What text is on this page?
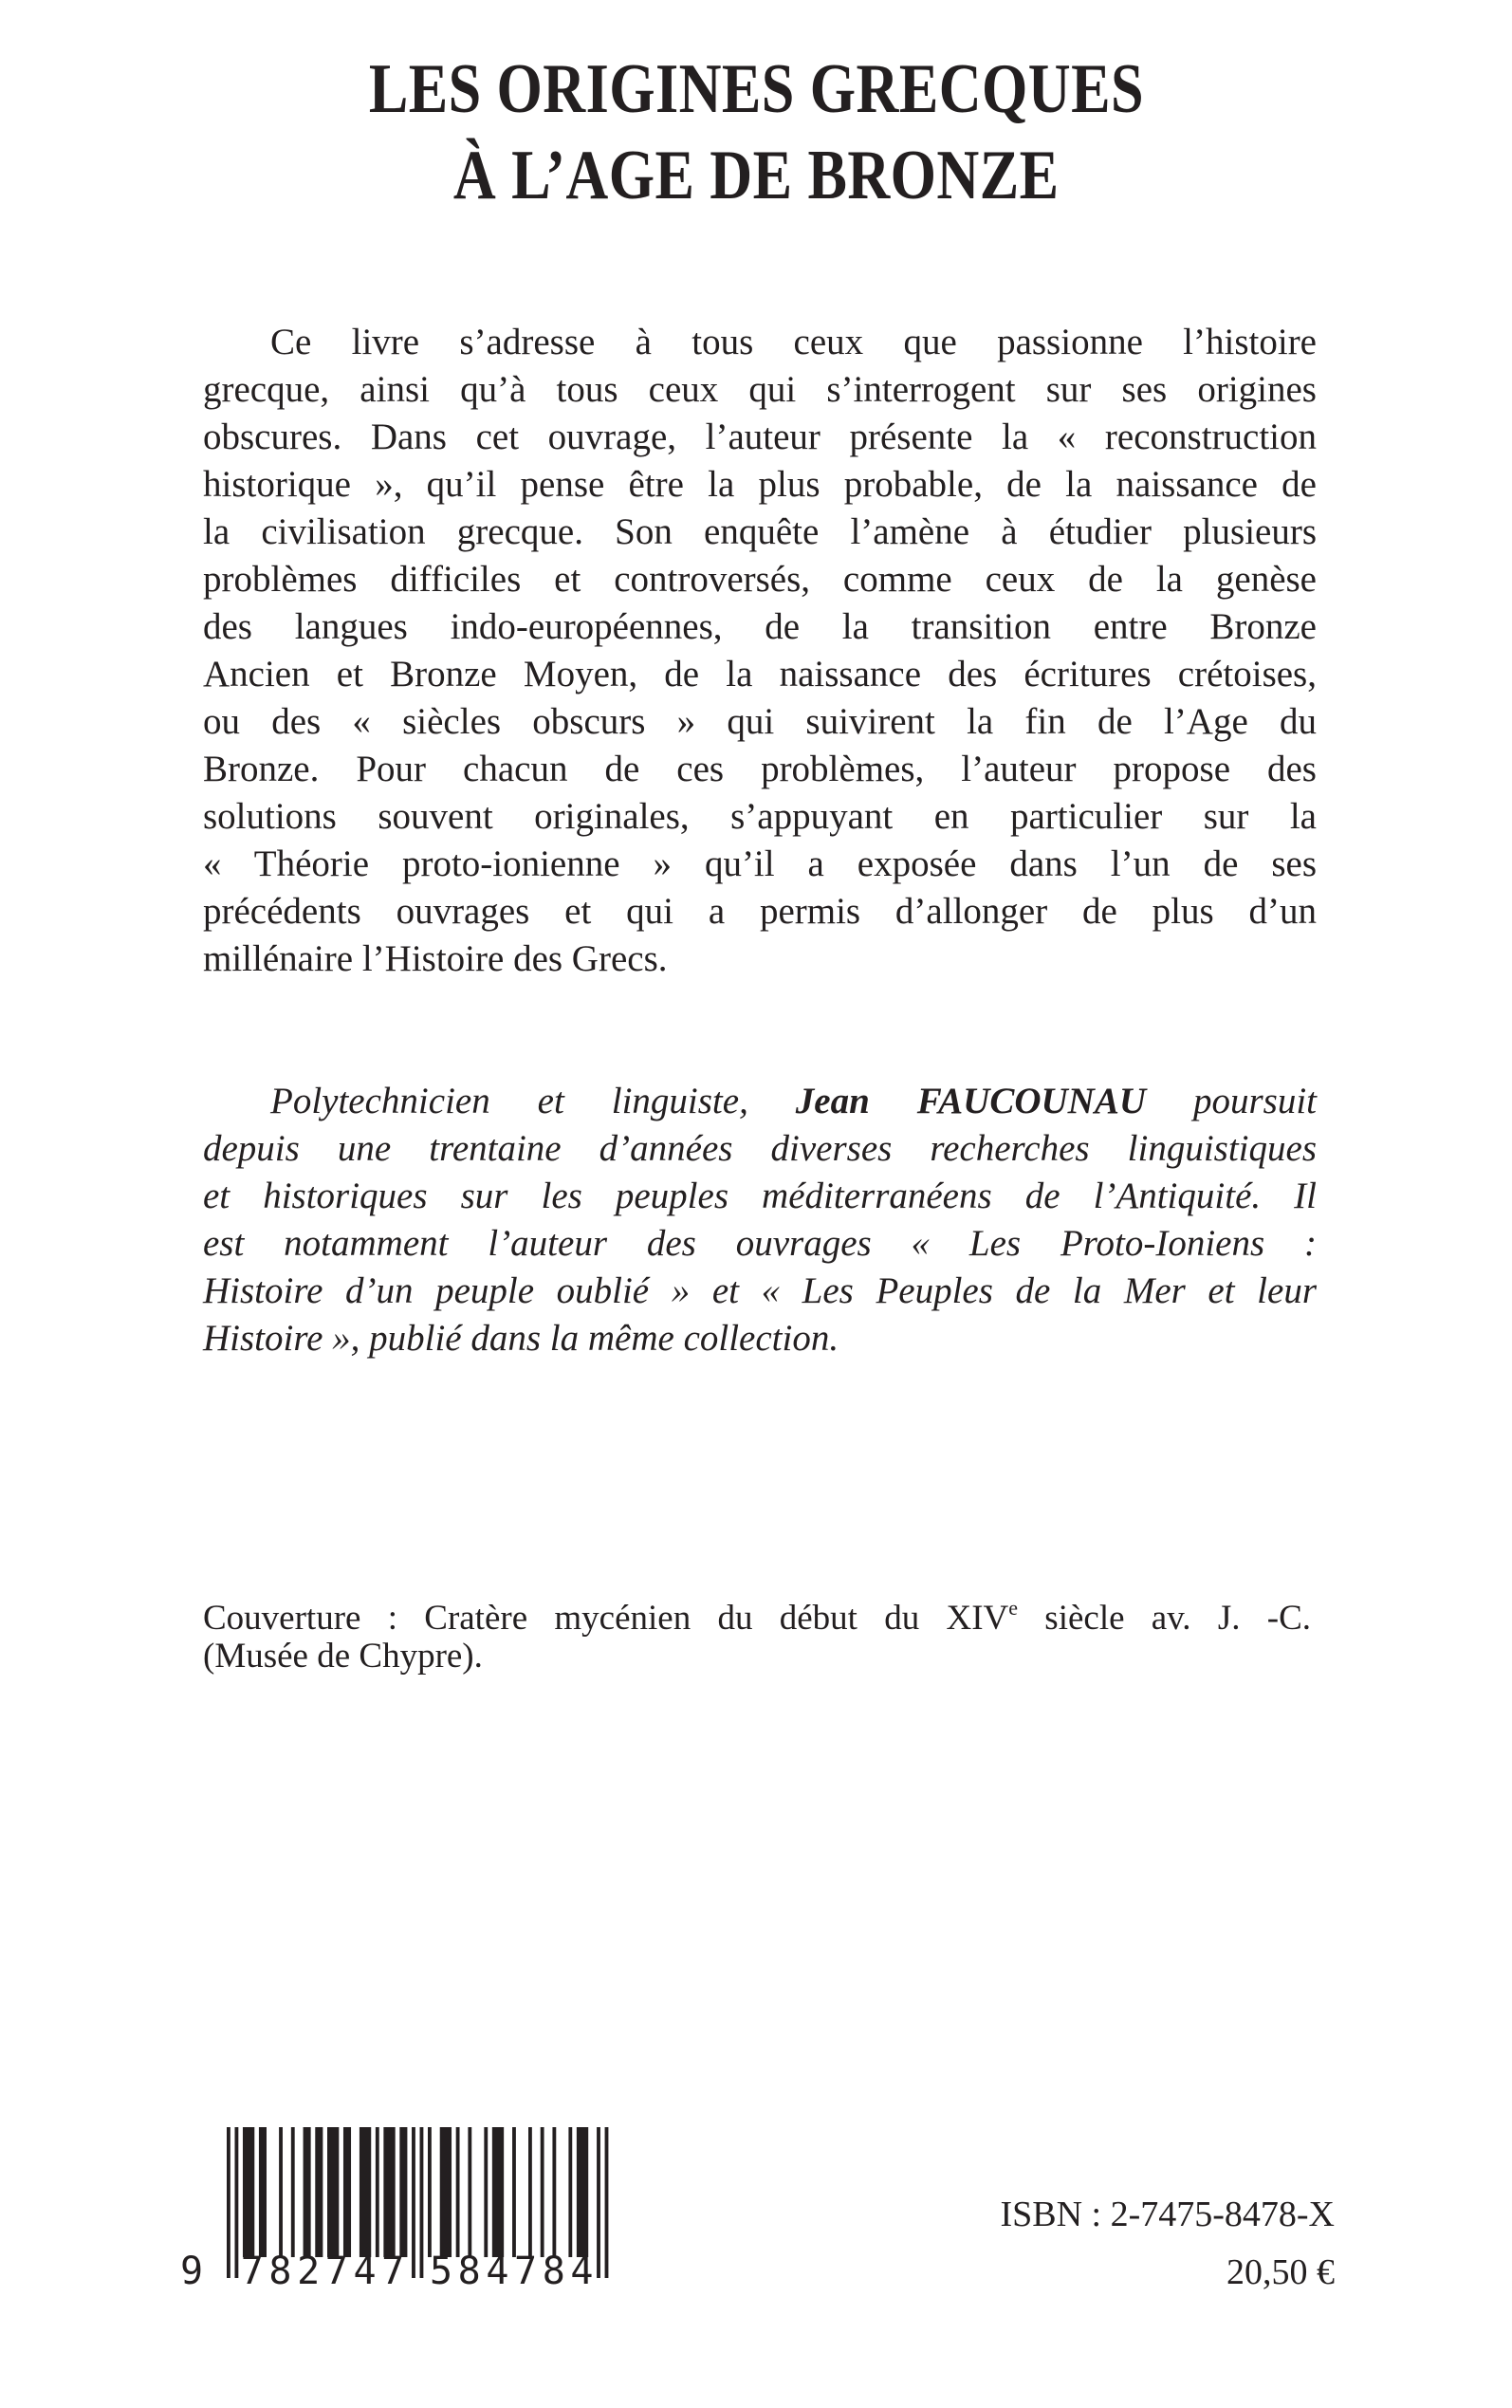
LES ORIGINES GRECQUES
À L’AGE DE BRONZE
Ce livre s’adresse à tous ceux que passionne l’histoire
grecque, ainsi qu’à tous ceux qui s’interrogent sur ses origines
obscures. Dans cet ouvrage, l’auteur présente la « reconstruction
historique », qu’il pense être la plus probable, de la naissance de
la civilisation grecque. Son enquête l’amène à étudier plusieurs
problèmes difficiles et controversés, comme ceux de la genèse
des langues indo-européennes, de la transition entre Bronze
Ancien et Bronze Moyen, de la naissance des écritures crétoises,
ou des « siècles obscurs » qui suivirent la fin de l’Age du
Bronze. Pour chacun de ces problèmes, l’auteur propose des
solutions souvent originales, s’appuyant en particulier sur la
« Théorie proto-ionienne » qu’il a exposée dans l’un de ses
précédents ouvrages et qui a permis d’allonger de plus d’un
millénaire l’Histoire des Grecs.
Polytechnicien et linguiste, Jean FAUCOUNAU poursuit
depuis une trentaine d’années diverses recherches linguistiques
et historiques sur les peuples méditerranéens de l’Antiquité. Il
est notamment l’auteur des ouvrages « Les Proto-Ioniens :
Histoire d’un peuple oublié » et « Les Peuples de la Mer et leur
Histoire », publié dans la même collection.
Couverture : Cratère mycénien du début du XIVe siècle av. J. -C.
(Musée de Chypre).
9 7 8 2 7 4 7 5 8 4 7 8 4
ISBN : 2-7475-8478-X
20,50 €
